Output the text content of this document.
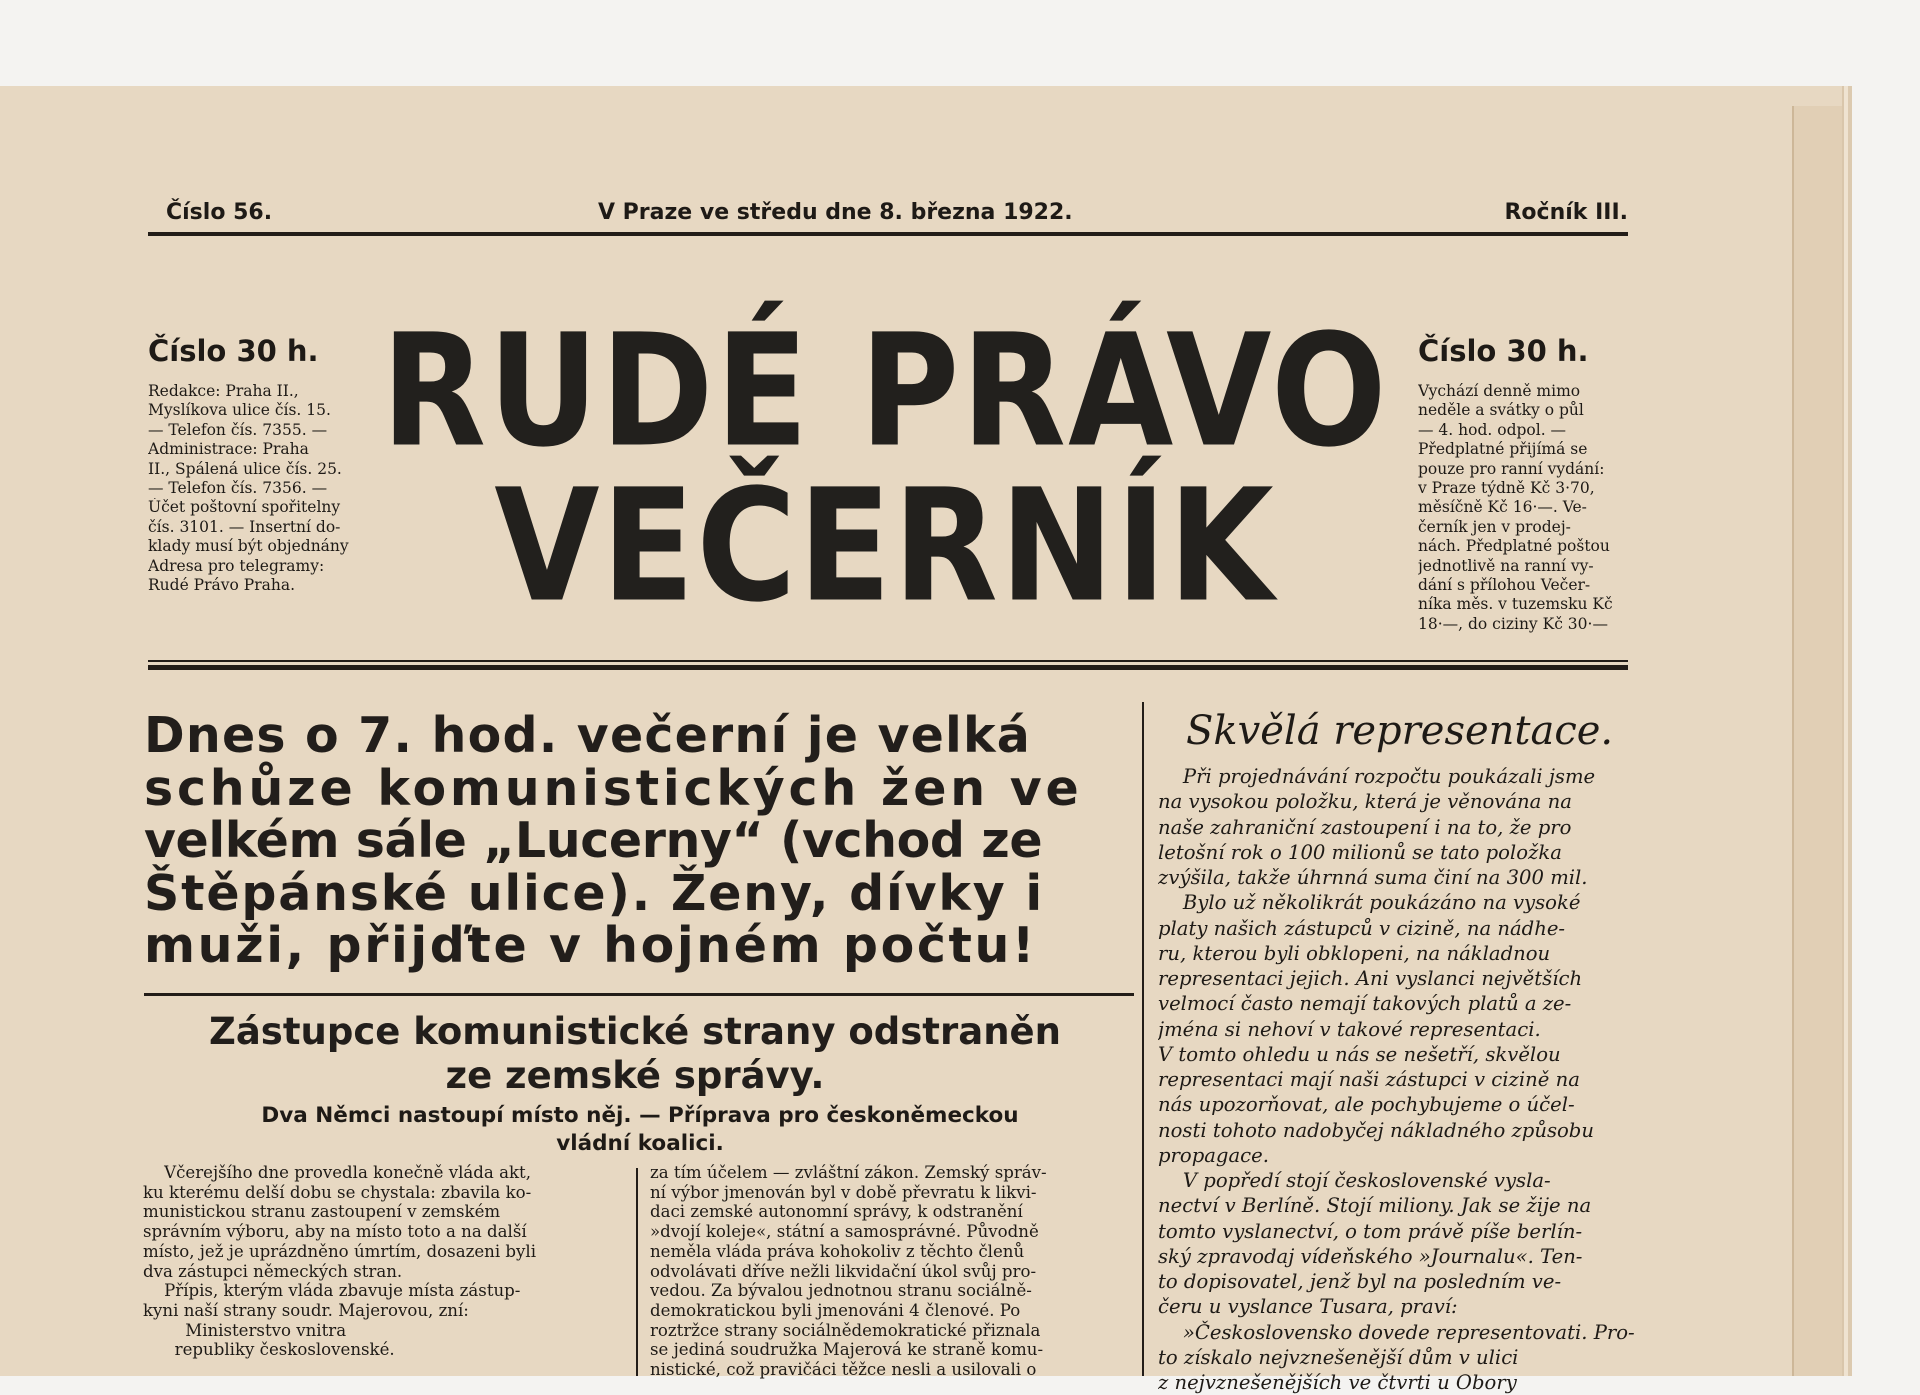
Číslo 56.	V Praze ve středu dne 8. března 1922.	Ročník III.
Číslo 30 h.
Redakce: Praha II.,
Myslíkova ulice čís. 15.
— Telefon čís. 7355. —
Administrace: Praha
II., Spálená ulice čís. 25.
— Telefon čís. 7356. —
Účet poštovní spořitelny
čís. 3101. — Insertní do-
klady musí být objednány
Adresa pro telegramy:
Rudé Právo Praha.
RUDÉ PRÁVO
VEČERNÍK
Číslo 30 h.
Vychází denně mimo
neděle a svátky o půl
— 4. hod. odpol. —
Předplatné přijímá se
pouze pro ranní vydání:
v Praze týdně Kč 3·70,
měsíčně Kč 16·—. Ve-
černík jen v prodej-
nách. Předplatné poštou
jednotlivě na ranní vy-
dání s přílohou Večer-
níka měs. v tuzemsku Kč
18·—, do ciziny Kč 30·—
Dnes o 7. hod. večerní je velká
schůze komunistických žen ve
velkém sále „Lucerny“ (vchod ze
Štěpánské ulice). Ženy, dívky i
muži, přijďte v hojném počtu!
Zástupce komunistické strany odstraněn
ze zemské správy.
Dva Němci nastoupí místo něj. — Příprava pro českoněmeckou
vládní koalici.
Včerejšího dne provedla konečně vláda akt,
ku kterému delší dobu se chystala: zbavila ko-
munistickou stranu zastoupení v zemském
správním výboru, aby na místo toto a na další
místo, jež je uprázdněno úmrtím, dosazeni byli
dva zástupci německých stran.
Přípis, kterým vláda zbavuje místa zástup-
kyni naší strany soudr. Majerovou, zní:
Ministerstvo vnitra
republiky československé.
za tím účelem — zvláštní zákon. Zemský správ-
ní výbor jmenován byl v době převratu k likvi-
daci zemské autonomní správy, k odstranění
»dvojí koleje«, státní a samosprávné. Původně
neměla vláda práva kohokoliv z těchto členů
odvolávati dříve nežli likvidační úkol svůj pro-
vedou. Za bývalou jednotnou stranu sociálně-
demokratickou byli jmenováni 4 členové. Po
roztržce strany sociálnědemokratické přiznala
se jediná soudružka Majerová ke straně komu-
nistické, což pravičáci těžce nesli a usilovali o
Skvělá representace.
Při projednávání rozpočtu poukázali jsme
na vysokou položku, která je věnována na
naše zahraniční zastoupení i na to, že pro
letošní rok o 100 milionů se tato položka
zvýšila, takže úhrnná suma činí na 300 mil.
Bylo už několikrát poukázáno na vysoké
platy našich zástupců v cizině, na nádhe-
ru, kterou byli obklopeni, na nákladnou
representaci jejich. Ani vyslanci největších
velmocí často nemají takových platů a ze-
jména si nehoví v takové representaci.
V tomto ohledu u nás se nešetří, skvělou
representaci mají naši zástupci v cizině na
nás upozorňovat, ale pochybujeme o účel-
nosti tohoto nadobyčej nákladného způsobu
propagace.
V popředí stojí československé vysla-
nectví v Berlíně. Stojí miliony. Jak se žije na
tomto vyslanectví, o tom právě píše berlín-
ský zpravodaj vídeňského »Journalu«. Ten-
to dopisovatel, jenž byl na posledním ve-
čeru u vyslance Tusara, praví:
»Československo dovede representovati. Pro-
to získalo nejvznešenější dům v ulici
z nejvznešenějších ve čtvrti u Obory
